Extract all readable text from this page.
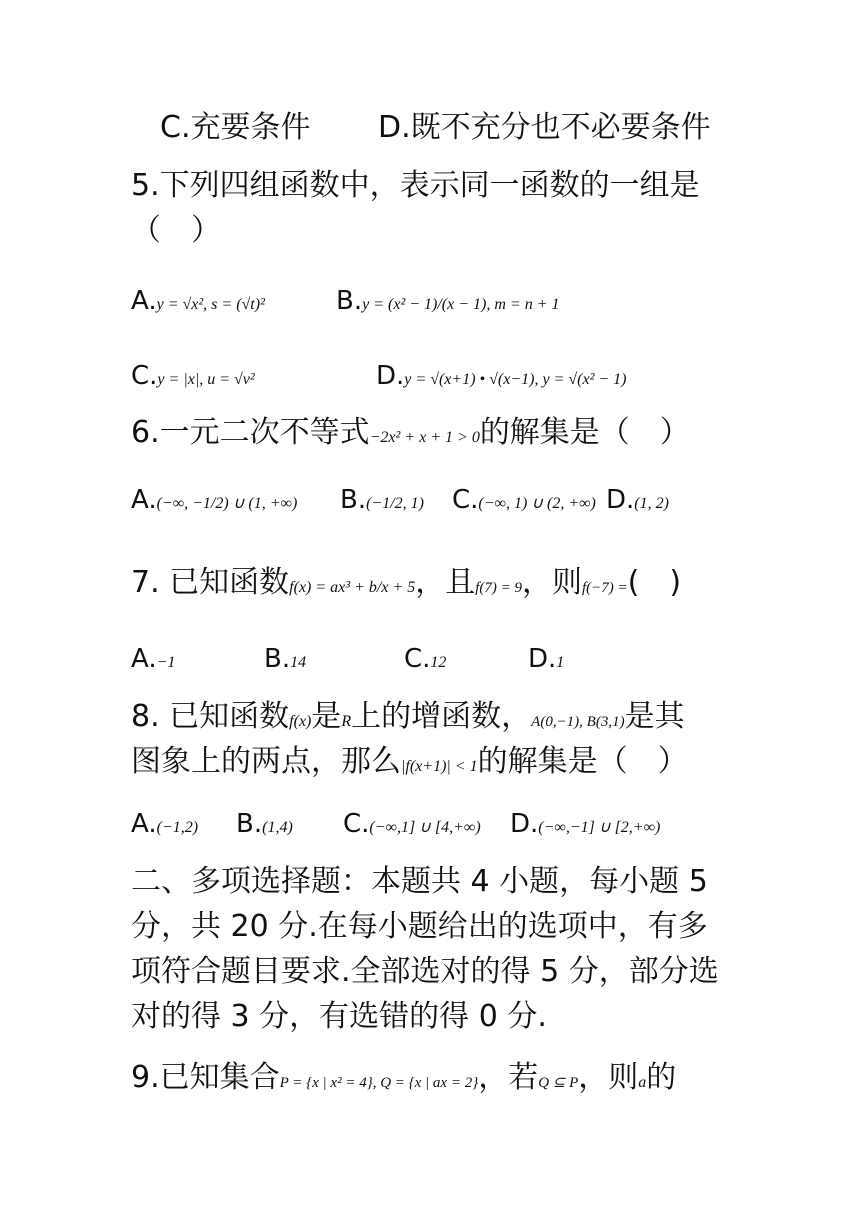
C.充要条件 D.既不充分也不必要条件
5.下列四组函数中，表示同一函数的一组是
（　）
A.y = √x², s = (√t)²	B.y = (x² − 1)/(x − 1), m = n + 1
C.y = |x|, u = √v²	D.y = √(x+1) • √(x−1), y = √(x² − 1)
6.一元二次不等式−2x² + x + 1 > 0的解集是（　）
A.(−∞, −1/2) ∪ (1, +∞) B.(−1/2, 1) C.(−∞, 1) ∪ (2, +∞) D.(1, 2)
7. 已知函数f(x) = ax³ + b/x + 5，且f(7) = 9，则f(−7) =(　)
A.−1	B.14	C.12	D.1
8. 已知函数f(x)是R上的增函数，A(0,−1), B(3,1)是其
图象上的两点，那么|f(x+1)| < 1的解集是（　）
A.(−1,2) B.(1,4) C.(−∞,1] ∪ [4,+∞) D.(−∞,−1] ∪ [2,+∞)
二、多项选择题：本题共 4 小题，每小题 5
分，共 20 分.在每小题给出的选项中，有多
项符合题目要求.全部选对的得 5 分，部分选
对的得 3 分，有选错的得 0 分.
9.已知集合P = {x | x² = 4}, Q = {x | ax = 2}，若Q ⊆ P，则a的
